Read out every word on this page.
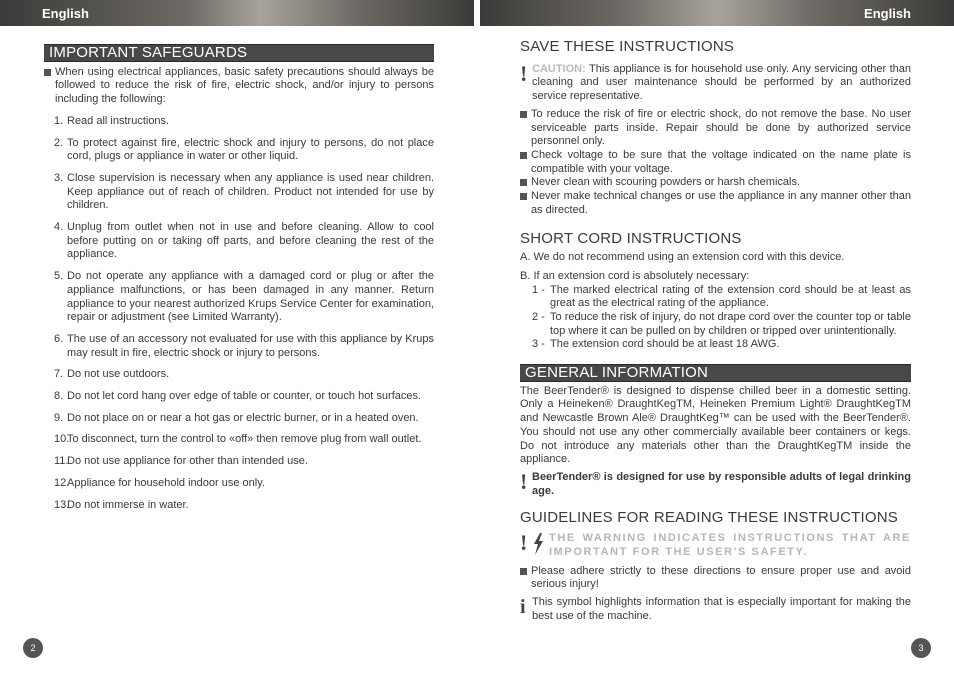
English	English
IMPORTANT SAFEGUARDS
When using electrical appliances, basic safety precautions should always be followed to reduce the risk of fire, electric shock, and/or injury to persons including the following:
1. Read all instructions.
2. To protect against fire, electric shock and injury to persons, do not place cord, plugs or appliance in water or other liquid.
3. Close supervision is necessary when any appliance is used near children. Keep appliance out of reach of children. Product not intended for use by children.
4. Unplug from outlet when not in use and before cleaning. Allow to cool before putting on or taking off parts, and before cleaning the rest of the appliance.
5. Do not operate any appliance with a damaged cord or plug or after the appliance malfunctions, or has been damaged in any manner. Return appliance to your nearest authorized Krups Service Center for examination, repair or adjustment (see Limited Warranty).
6. The use of an accessory not evaluated for use with this appliance by Krups may result in fire, electric shock or injury to persons.
7. Do not use outdoors.
8. Do not let cord hang over edge of table or counter, or touch hot surfaces.
9. Do not place on or near a hot gas or electric burner, or in a heated oven.
10.
To disconnect, turn the control to «off» then remove plug from wall outlet.
11.
Do not use appliance for other than intended use.
12.
Appliance for household indoor use only.
13.
Do not immerse in water.
SAVE THESE INSTRUCTIONS
! CAUTION: This appliance is for household use only. Any servicing other than cleaning and user maintenance should be performed by an authorized service representative.

To reduce the risk of fire or electric shock, do not remove the base. No user serviceable parts inside. Repair should be done by authorized service personnel only.
Check voltage to be sure that the voltage indicated on the name plate is compatible with your voltage.
Never clean with scouring powders or harsh chemicals.
Never make technical changes or use the appliance in any manner other than as directed.
SHORT CORD INSTRUCTIONS

A. We do not recommend using an extension cord with this device.

B. If an extension cord is absolutely necessary:

1 - The marked electrical rating of the extension cord should be at least as great as the electrical rating of the appliance.
2 - To reduce the risk of injury, do not drape cord over the counter top or table top where it can be pulled on by children or tripped over unintentionally.
3 - The extension cord should be at least 18 AWG.
GENERAL INFORMATION

The BeerTender® is designed to dispense chilled beer in a domestic setting. Only a Heineken® DraughtKegTM, Heineken Premium Light® DraughtKegTM and Newcastle Brown Ale® DraughtKeg™ can be used with the BeerTender®. You should not use any other commercially available beer containers or kegs. Do not introduce any materials other than the DraughtKegTM inside the appliance.

! BeerTender® is designed for use by responsible adults of legal drinking age.

GUIDELINES FOR READING THESE INSTRUCTIONS
! THE WARNING INDICATES INSTRUCTIONS THAT ARE IMPORTANT FOR THE USER'S SAFETY.

Please adhere strictly to these directions to ensure proper use and avoid serious injury!
i This symbol highlights information that is especially important for making the best use of the machine.

2	3
